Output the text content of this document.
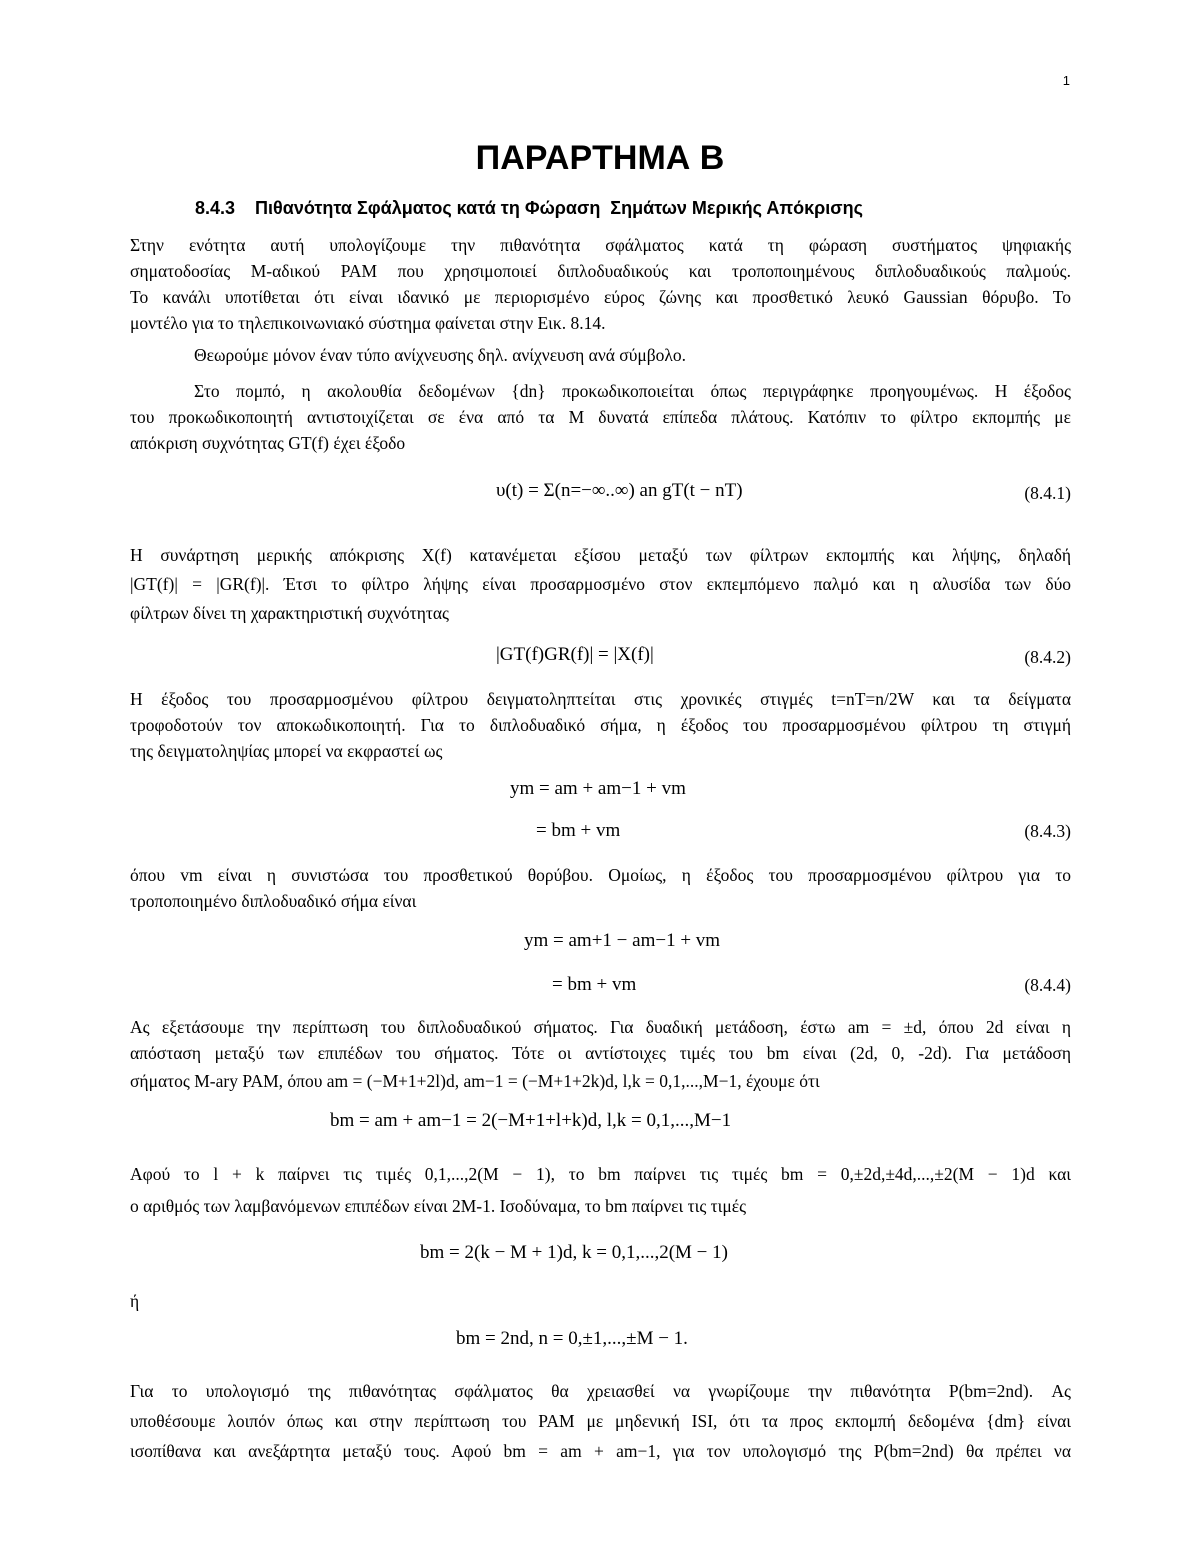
1
ΠΑΡΑΡΤΗΜΑ Β
8.4.3    Πιθανότητα Σφάλματος κατά τη Φώραση  Σημάτων Μερικής Απόκρισης
Στην ενότητα αυτή υπολογίζουμε την πιθανότητα σφάλματος κατά τη φώραση συστήματος ψηφιακής
σηματοδοσίας Μ-αδικού PAM που χρησιμοποιεί διπλοδυαδικούς και τροποποιημένους διπλοδυαδικούς παλμούς.
Το κανάλι υποτίθεται ότι είναι ιδανικό με περιορισμένο εύρος ζώνης και προσθετικό λευκό Gaussian θόρυβο. Το
μοντέλο για το τηλεπικοινωνιακό σύστημα φαίνεται στην Εικ. 8.14.
Θεωρούμε μόνον έναν τύπο ανίχνευσης δηλ. ανίχνευση ανά σύμβολο.
Στο πομπό, η ακολουθία δεδομένων {dn} προκωδικοποιείται όπως περιγράφηκε προηγουμένως. Η έξοδος
του προκωδικοποιητή αντιστοιχίζεται σε ένα από τα M δυνατά επίπεδα πλάτους. Κατόπιν το φίλτρο εκπομπής με
απόκριση συχνότητας GT(f) έχει έξοδο
υ(t) = Σ(n=−∞..∞) an gT(t − nT)	(8.4.1)
Η συνάρτηση μερικής απόκρισης X(f) κατανέμεται εξίσου μεταξύ των φίλτρων εκπομπής και λήψης, δηλαδή
|GT(f)| = |GR(f)|. Έτσι το φίλτρο λήψης είναι προσαρμοσμένο στον εκπεμπόμενο παλμό και η αλυσίδα των δύο
φίλτρων δίνει τη χαρακτηριστική συχνότητας
|GT(f)GR(f)| = |X(f)|	(8.4.2)
Η έξοδος του προσαρμοσμένου φίλτρου δειγματοληπτείται στις χρονικές στιγμές t=nT=n/2W και τα δείγματα
τροφοδοτούν τον αποκωδικοποιητή. Για το διπλοδυαδικό σήμα, η έξοδος του προσαρμοσμένου φίλτρου τη στιγμή
της δειγματοληψίας μπορεί να εκφραστεί ως
ym = am + am−1 + vm
= bm + vm	(8.4.3)
όπου vm είναι η συνιστώσα του προσθετικού θορύβου. Ομοίως, η έξοδος του προσαρμοσμένου φίλτρου για το
τροποποιημένο διπλοδυαδικό σήμα είναι
ym = am+1 − am−1 + vm
= bm + vm	(8.4.4)
Ας εξετάσουμε την περίπτωση του διπλοδυαδικού σήματος. Για δυαδική μετάδοση, έστω am = ±d, όπου 2d είναι η
απόσταση μεταξύ των επιπέδων του σήματος. Τότε οι αντίστοιχες τιμές του bm είναι (2d, 0, -2d). Για μετάδοση
σήματος M-ary PAM, όπου am = (−M+1+2l)d, am−1 = (−M+1+2k)d, l,k = 0,1,...,M−1, έχουμε ότι
bm = am + am−1 = 2(−M+1+l+k)d, l,k = 0,1,...,M−1
Αφού το l + k παίρνει τις τιμές 0,1,...,2(M − 1), το bm παίρνει τις τιμές bm = 0,±2d,±4d,...,±2(M − 1)d και
ο αριθμός των λαμβανόμενων επιπέδων είναι 2M-1. Ισοδύναμα, το bm παίρνει τις τιμές
bm = 2(k − M + 1)d, k = 0,1,...,2(M − 1)
ή
bm = 2nd, n = 0,±1,...,±M − 1.
Για το υπολογισμό της πιθανότητας σφάλματος θα χρειασθεί να γνωρίζουμε την πιθανότητα P(bm=2nd). Ας
υποθέσουμε λοιπόν όπως και στην περίπτωση του PAM με μηδενική ISI, ότι τα προς εκπομπή δεδομένα {dm} είναι
ισοπίθανα και ανεξάρτητα μεταξύ τους. Αφού bm = am + am−1, για τον υπολογισμό της P(bm=2nd) θα πρέπει να
